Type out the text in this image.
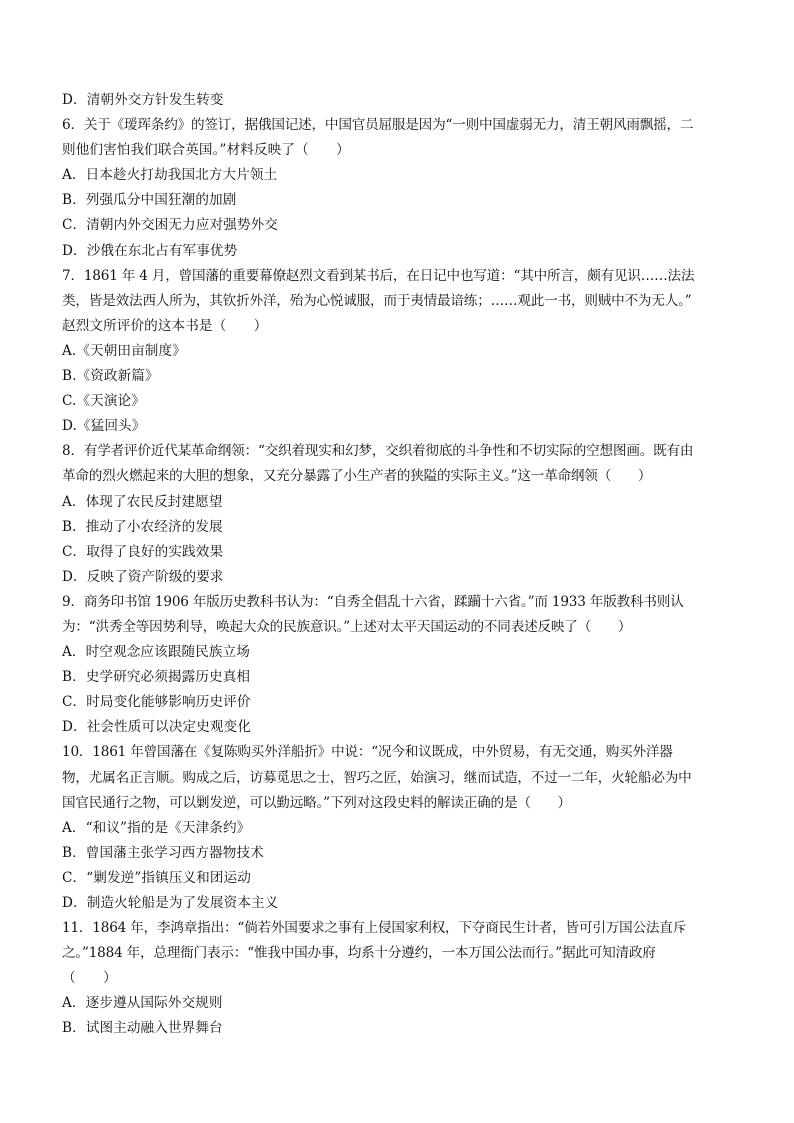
D．清朝外交方针发生转变
6．关于《瑷珲条约》的签订，据俄国记述，中国官员屈服是因为“一则中国虚弱无力，清王朝风雨飘摇，二
则他们害怕我们联合英国。”材料反映了（　　）
A．日本趁火打劫我国北方大片领土
B．列强瓜分中国狂潮的加剧
C．清朝内外交困无力应对强势外交
D．沙俄在东北占有军事优势
7．1861 年 4 月，曾国藩的重要幕僚赵烈文看到某书后，在日记中也写道：“其中所言，颇有见识……法法
类，皆是效法西人所为，其钦折外洋，殆为心悦诚服，而于夷情最谙练；……观此一书，则贼中不为无人。”
赵烈文所评价的这本书是（　　）
A.《天朝田亩制度》
B.《资政新篇》
C.《天演论》
D.《猛回头》
8．有学者评价近代某革命纲领：“交织着现实和幻梦，交织着彻底的斗争性和不切实际的空想图画。既有由
革命的烈火燃起来的大胆的想象，又充分暴露了小生产者的狭隘的实际主义。”这一革命纲领（　　）
A．体现了农民反封建愿望
B．推动了小农经济的发展
C．取得了良好的实践效果
D．反映了资产阶级的要求
9．商务印书馆 1906 年版历史教科书认为：“自秀全倡乱十六省，蹂躏十六省。”而 1933 年版教科书则认
为：“洪秀全等因势利导，唤起大众的民族意识。”上述对太平天国运动的不同表述反映了（　　）
A．时空观念应该跟随民族立场
B．史学研究必须揭露历史真相
C．时局变化能够影响历史评价
D．社会性质可以决定史观变化
10．1861 年曾国藩在《复陈购买外洋船折》中说：“况今和议既成，中外贸易，有无交通，购买外洋器
物，尤属名正言顺。购成之后，访募觅思之士，智巧之匠，始演习，继而试造，不过一二年，火轮船必为中
国官民通行之物，可以剿发逆，可以勤远略。”下列对这段史料的解读正确的是（　　）
A．“和议”指的是《天津条约》
B．曾国藩主张学习西方器物技术
C．“剿发逆”指镇压义和团运动
D．制造火轮船是为了发展资本主义
11．1864 年，李鸿章指出：“倘若外国要求之事有上侵国家利权，下夺商民生计者，皆可引万国公法直斥
之。”1884 年，总理衙门表示：“惟我中国办事，均系十分遵约，一本万国公法而行。”据此可知清政府
（　　）
A．逐步遵从国际外交规则
B．试图主动融入世界舞台
